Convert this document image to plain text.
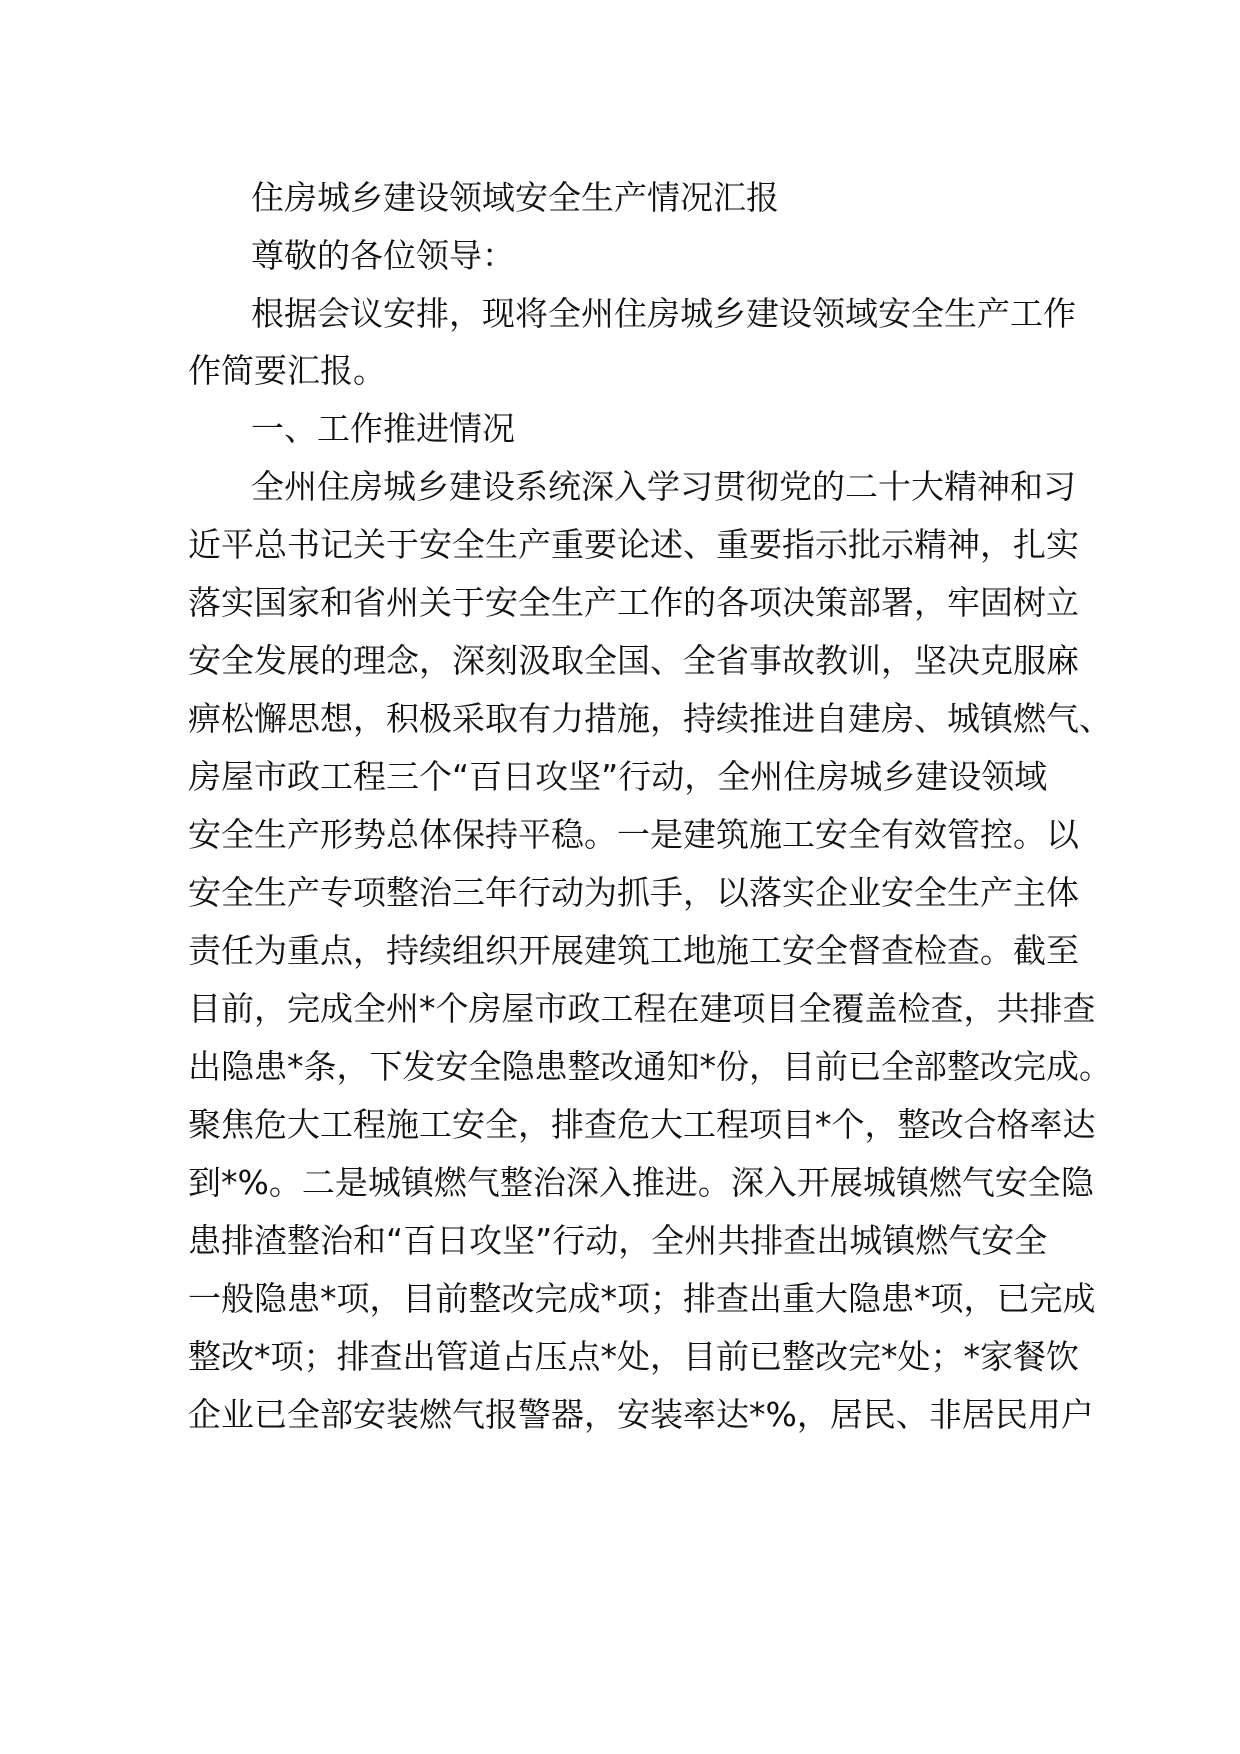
住房城乡建设领域安全生产情况汇报
尊敬的各位领导：
根据会议安排，现将全州住房城乡建设领域安全生产工作
作简要汇报。
一、工作推进情况
全州住房城乡建设系统深入学习贯彻党的二十大精神和习
近平总书记关于安全生产重要论述、重要指示批示精神，扎实
落实国家和省州关于安全生产工作的各项决策部署，牢固树立
安全发展的理念，深刻汲取全国、全省事故教训，坚决克服麻
痹松懈思想，积极采取有力措施，持续推进自建房、城镇燃气、
房屋市政工程三个“百日攻坚”行动，全州住房城乡建设领域
安全生产形势总体保持平稳。一是建筑施工安全有效管控。以
安全生产专项整治三年行动为抓手，以落实企业安全生产主体
责任为重点，持续组织开展建筑工地施工安全督查检查。截至
目前，完成全州*个房屋市政工程在建项目全覆盖检查，共排查
出隐患*条，下发安全隐患整改通知*份，目前已全部整改完成。
聚焦危大工程施工安全，排查危大工程项目*个，整改合格率达
到*%。二是城镇燃气整治深入推进。深入开展城镇燃气安全隐
患排渣整治和“百日攻坚”行动，全州共排查出城镇燃气安全
一般隐患*项，目前整改完成*项；排查出重大隐患*项，已完成
整改*项；排查出管道占压点*处，目前已整改完*处；*家餐饮
企业已全部安装燃气报警器，安装率达*%，居民、非居民用户
